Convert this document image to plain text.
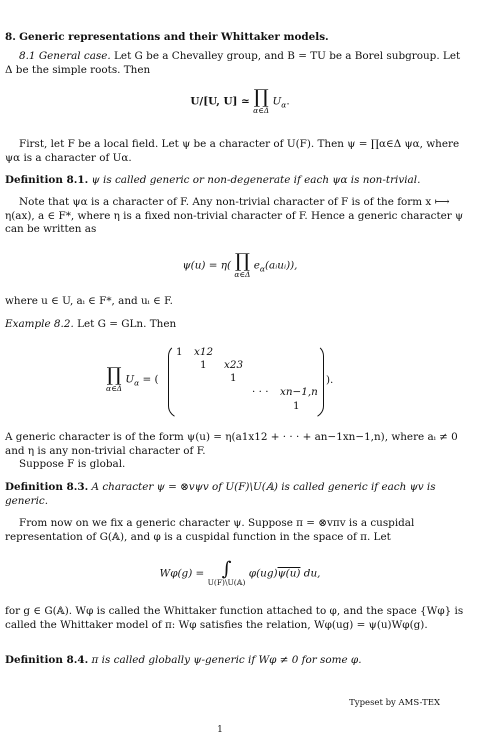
8. Generic representations and their Whittaker models.

8.1 General case. Let G be a Chevalley group, and B = TU be a Borel subgroup. Let Δ be the simple roots. Then

U/[U, U] ≃ ∏
α∈Δ
$U_\alpha$.

First, let F be a local field. Let ψ be a character of U(F). Then ψ = ∏α∈Δ ψα, where ψα is a character of Uα.

Definition 8.1. ψ is called generic or non-degenerate if each ψα is non-trivial.

Note that ψα is a character of F. Any non-trivial character of F is of the form x ⟼ η(ax), a ∈ F*, where η is a fixed non-trivial character of F. Hence a generic character ψ can be written as

ψ(u) = η( ∏
α∈Δ
$e_\alpha(aᵢuᵢ)$),

where u ∈ U, aᵢ ∈ F*, and uᵢ ∈ F.

Example 8.2. Let G = GLn. Then

∏
α∈Δ
$U_\alpha$ = (
1 x12
1 x23
1
· · · xn−1,n
1
).

A generic character is of the form ψ(u) = η(a1x12 + · · · + an−1xn−1,n), where aᵢ ≠ 0 and η is any non-trivial character of F.

Suppose F is global.

Definition 8.3. A character ψ = ⊗vψv of U(F)\U(𝔸) is called generic if each ψv is generic.

From now on we fix a generic character ψ. Suppose π = ⊗vπv is a cuspidal representation of G(𝔸), and φ is a cuspidal function in the space of π. Let

Wφ(g) = ∫
U(F)\U(𝔸)
φ(ug)ψ(u) du,

for g ∈ G(𝔸). Wφ is called the Whittaker function attached to φ, and the space {Wφ} is called the Whittaker model of π: Wφ satisfies the relation, Wφ(ug) = ψ(u)Wφ(g).

Definition 8.4. π is called globally ψ-generic if Wφ ≠ 0 for some φ.

Typeset by AMS-TEX
1
